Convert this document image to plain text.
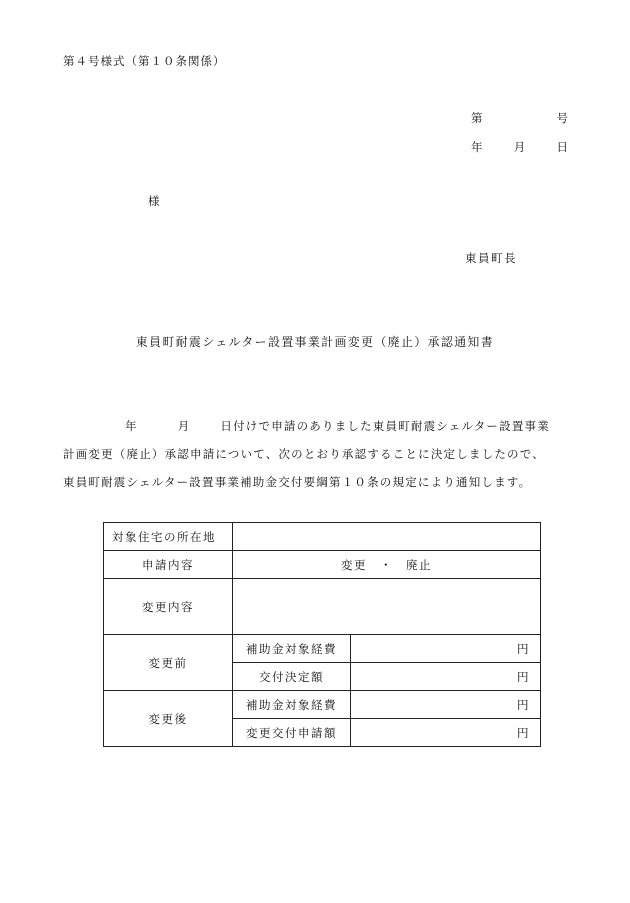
第４号様式（第１０条関係）
第	号
年	月	日
様
東員町長
東員町耐震シェルター設置事業計画変更（廃止）承認通知書
年	月	日付けで申請のありました東員町耐震シェルター設置事業
計画変更（廃止）承認申請について、次のとおり承認することに決定しましたので、
東員町耐震シェルター設置事業補助金交付要綱第１０条の規定により通知します。
対象住宅の所在地		
申請内容	変更　・　廃止	
変更内容		
変更前	補助金対象経費	円
	交付決定額	円
変更後	補助金対象経費	円
	変更交付申請額	円
